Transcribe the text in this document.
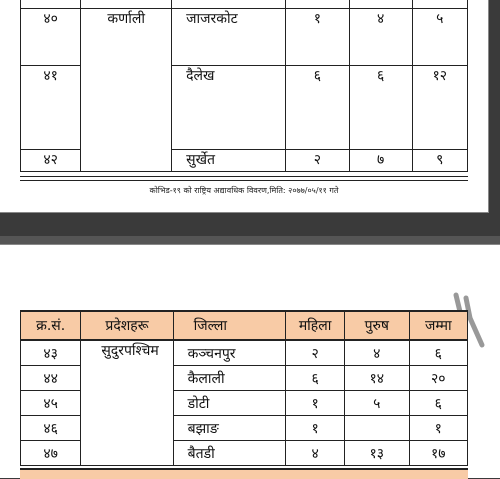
४०	कर्णाली	जाजरकोट	१	४	५
४१		दैलेख	६	६	१२
४२		सुर्खेत	२	७	९
कोभिड-१९ को राष्ट्रिय अद्यावधिक विवरण,मिति: २०७७/०५/११ गते
क्र.सं.	प्रदेशहरू	जिल्ला	महिला	पुरुष	जम्मा
४३	सुदुरपश्चिम	कञ्चनपुर	२	४	६
४४		कैलाली	६	१४	२०
४५		डोटी	१	५	६
४६		बझाङ	१		१
४७		बैतडी	४	१३	१७
